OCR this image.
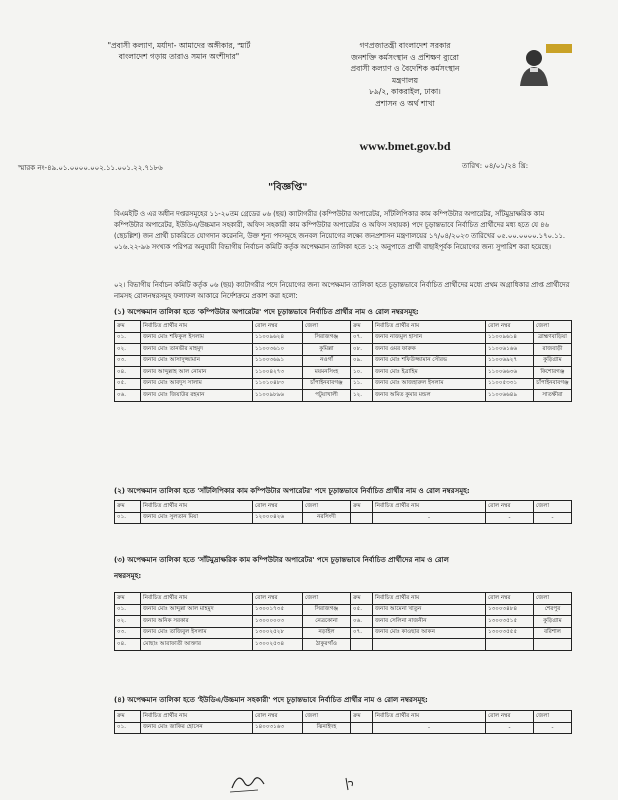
"প্রবাসী কল্যাণ, মর্যাদা- আমাদের অঙ্গীকার, স্মার্ট বাংলাদেশ গড়ায় তারাও সমান অংশীদার"
গণপ্রজাতন্ত্রী বাংলাদেশ সরকার
জনশক্তি কর্মসংস্থান ও প্রশিক্ষণ ব্যুরো
প্রবাসী কল্যাণ ও বৈদেশিক কর্মসংস্থান
মন্ত্রণালয়
৮৯/২, কাকরাইল, ঢাকা।
প্রশাসন ও অর্থ শাখা
www.bmet.gov.bd
স্মারক নং-৪৯.০১.০০০০.০০২.১১.০০১.২২.৭১৮৬	তারিখ: ০৪/০১/২৪ খ্রি:
"বিজ্ঞপ্তি"
বিএমইটি ও এর অধীন দপ্তরসমূহের ১১-২০তম গ্রেডের ০৬ (ছয়) ক্যাটাগরীর (কম্পিউটার অপারেটর, সাঁটলিপিকার কাম কম্পিউটার অপারেটর, সাঁটমুদ্রাক্ষরিক কাম কম্পিউটার অপারেটর, ইউডিএ/উচ্চমান সহকারী, অফিস সহকারী কাম কম্পিউটার অপারেটর ও অফিস সহায়ক) পদে চূড়ান্তভাবে নির্বাচিত প্রার্থীদের মধ্য হতে যে ৪৬ (ছেচল্লিশ) জন প্রার্থী চাকরিতে যোগদান করেননি, উক্ত শূন্য পদসমূহে জনবল নিয়োগের লক্ষ্যে জনপ্রশাসন মন্ত্রণালয়ের ১৭/০৪/২০২৩ তারিখের ০৫.০০.০০০০.১৭০.১১. ০১৬.২২-৯৬ সংখ্যক পরিপত্র অনুযায়ী বিভাগীয় নির্বাচন কমিটি কর্তৃক অপেক্ষমান তালিকা হতে ১:২ অনুপাতে প্রার্থী বাছাইপূর্বক নিয়োগের জন্য সুপারিশ করা হয়েছে।
০২। বিভাগীয় নির্বাচন কমিটি কর্তৃক ০৬ (ছয়) ক্যাটাগরীর পদে নিয়োগের জন্য অপেক্ষমান তালিকা হতে চূড়ান্তভাবে নির্বাচিত প্রার্থীদের মধ্যে প্রথম অগ্রাধিকার প্রাপ্ত প্রার্থীদের নামসহ রোলনম্বরসমূহ ফলাফল আকারে নির্দেশক্রমে প্রকাশ করা হলো:
(১) অপেক্ষমান তালিকা হতে 'কম্পিউটার অপারেটর' পদে চূড়ান্তভাবে নির্বাচিত প্রার্থীর নাম ও রোল নম্বরসমূহ:
ক্রম	নির্বাচিত প্রার্থীর নাম	রোল নম্বর	জেলা	ক্রম	নির্বাচিত প্রার্থীর নাম	রোল নম্বর	জেলা
০১.	জনাব মোঃ শফিকুল ইসলাম	১১০০৯৬২৪	সিরাজগঞ্জ	০৭.	জনাব নাজমুল হাসান	১১০০৯৬১৪	ব্রাহ্মণবাড়িয়া
০২.	জনাব মোঃ তানভীর মাহমুদ	১১০০৩৬১০	কুমিল্লা	০৮.	জনাব ওমর ফারুক	১১০০৬১৬৬	রাজবাড়ী
০৩.	জনাব মোঃ আসাদুজ্জামান	১১০০৩৬৯১	নওগাঁ	০৯.	জনাব মোঃ শফিউজ্জামান সৌরভ	১১০০৬৯২৭	কুড়িগ্রাম
০৪.	জনাব আব্দুল্লাহ আল নোমান	১১০০৪২৭৩	ময়মনসিংহ	১০.	জনাব মোঃ ইব্রাহিম	১১০০৬৬৩৬	কিশোরগঞ্জ
০৫.	জনাব মোঃ আবদুস সালাম	১১০১০৪৮৩	চাঁপাইনবাবগঞ্জ	১১.	জনাব মোঃ আজহারুল ইসলাম	১১০০৫৩৩১	চাঁপাইনবাবগঞ্জ
০৬.	জনাব মোঃ জিয়াউর রহমান	১১০০৯৮৯৬	পটুয়াখালী	১২.	জনাব অমিত কুমার মন্ডল	১১০০৬৬৪৯	সাতক্ষীরা
(২) অপেক্ষমান তালিকা হতে 'সাঁটলিপিকার কাম কম্পিউটার অপারেটর' পদে চূড়ান্তভাবে নির্বাচিত প্রার্থীর নাম ও রোল নম্বরসমূহ:
ক্রম	নির্বাচিত প্রার্থীর নাম	রোল নম্বর	জেলা	ক্রম	নির্বাচিত প্রার্থীর নাম	রোল নম্বর	জেলা
০১.	জনাব মোঃ সুলতান মিয়া	১২০০০৪২৬	নরসিংদী		-	-	-
(৩) অপেক্ষমান তালিকা হতে 'সাঁটমুদ্রাক্ষরিক কাম কম্পিউটার অপারেটর' পদে চূড়ান্তভাবে নির্বাচিত প্রার্থীদের নাম ও রোল
নম্বরসমূহ:
ক্রম	নির্বাচিত প্রার্থীর নাম	রোল নম্বর	জেলা	ক্রম	নির্বাচিত প্রার্থীর নাম	রোল নম্বর	জেলা
০১.	জনাব মোঃ আব্দুল্লা আল মাহমুদ	১৩০০১৭৩৫	সিরাজগঞ্জ	০৫.	জনাব আমেনা খাতুন	১৩০০৩৪৮৪	শেরপুর
০২.	জনাব অনিক সরকার	১৩০০০০০৩	নেত্রকোনা	০৬.	জনাব সেলিনা নাজনীন	১৩০০৩৫১৫	কুড়িগ্রাম
০৩.	জনাব মোঃ তাজিবুল ইসলাম	১৩০০২৫২৮	নড়াইল	০৭.	জনাব মোঃ কাওছার আকন	১৩০০৩৫৫৫	বরিশাল
০৪.	মোছাঃ আরাফাতী আক্তার	১৩০০২৫৩৪	ঠাকুরগাঁও				
(৪) অপেক্ষমান তালিকা হতে 'ইউডিএ/উচ্চমান সহকারী' পদে চূড়ান্তভাবে নির্বাচিত প্রার্থীর নাম ও রোল নম্বরসমূহ:
ক্রম	নির্বাচিত প্রার্থীর নাম	রোল নম্বর	জেলা	ক্রম	নির্বাচিত প্রার্থীর নাম	রোল নম্বর	জেলা
০১.	জনাব মোঃ জাকির হোসেন	১৪০০৩১৬৩	ঝিনাইদহ		-	-	-
